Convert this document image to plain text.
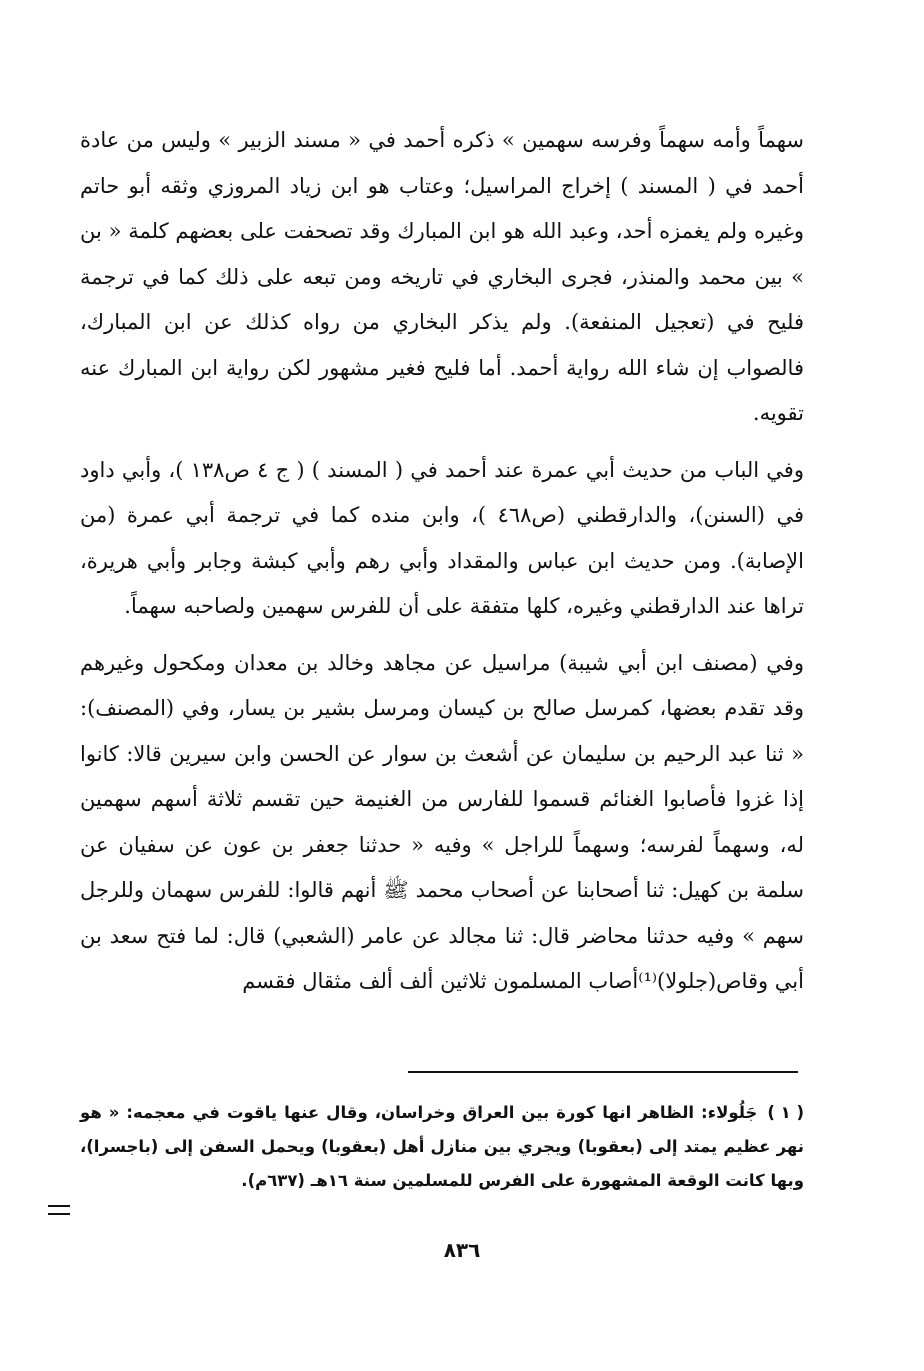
سهماً وأمه سهماً وفرسه سهمين » ذكره أحمد في « مسند الزبير » وليس من عادة أحمد في ( المسند ) إخراج المراسيل؛ وعتاب هو ابن زياد المروزي وثقه أبو حاتم وغيره ولم يغمزه أحد، وعبد الله هو ابن المبارك وقد تصحفت على بعضهم كلمة « بن » بين محمد والمنذر، فجرى البخاري في تاريخه ومن تبعه على ذلك كما في ترجمة فليح في (تعجيل المنفعة). ولم يذكر البخاري من رواه كذلك عن ابن المبارك، فالصواب إن شاء الله رواية أحمد. أما فليح فغير مشهور لكن رواية ابن المبارك عنه تقويه.

وفي الباب من حديث أبي عمرة عند أحمد في ( المسند ) ( ج ٤ ص١٣٨ )، وأبي داود في (السنن)، والدارقطني (ص٤٦٨ )، وابن منده كما في ترجمة أبي عمرة (من الإصابة). ومن حديث ابن عباس والمقداد وأبي رهم وأبي كبشة وجابر وأبي هريرة، تراها عند الدارقطني وغيره، كلها متفقة على أن للفرس سهمين ولصاحبه سهماً.

وفي (مصنف ابن أبي شيبة) مراسيل عن مجاهد وخالد بن معدان ومكحول وغيرهم وقد تقدم بعضها، كمرسل صالح بن كيسان ومرسل بشير بن يسار، وفي (المصنف): « ثنا عبد الرحيم بن سليمان عن أشعث بن سوار عن الحسن وابن سيرين قالا: كانوا إذا غزوا فأصابوا الغنائم قسموا للفارس من الغنيمة حين تقسم ثلاثة أسهم سهمين له، وسهماً لفرسه؛ وسهماً للراجل » وفيه « حدثنا جعفر بن عون عن سفيان عن سلمة بن كهيل: ثنا أصحابنا عن أصحاب محمد ﷺ أنهم قالوا: للفرس سهمان وللرجل سهم » وفيه حدثنا محاضر قال: ثنا مجالد عن عامر (الشعبي) قال: لما فتح سعد بن أبي وقاص(جلولا)⁽¹⁾أصاب المسلمون ثلاثين ألف ألف مثقال فقسم

( ١ )جَلُولاء: الظاهر انها كورة بين العراق وخراسان، وقال عنها ياقوت في معجمه: « هو نهر عظيم يمتد إلى (بعقوبا) ويجري بين منازل أهل (بعقوبا) ويحمل السفن إلى (باجسرا)، وبها كانت الوقعة المشهورة على الفرس للمسلمين سنة ١٦هـ (٦٣٧م).
٨٣٦
